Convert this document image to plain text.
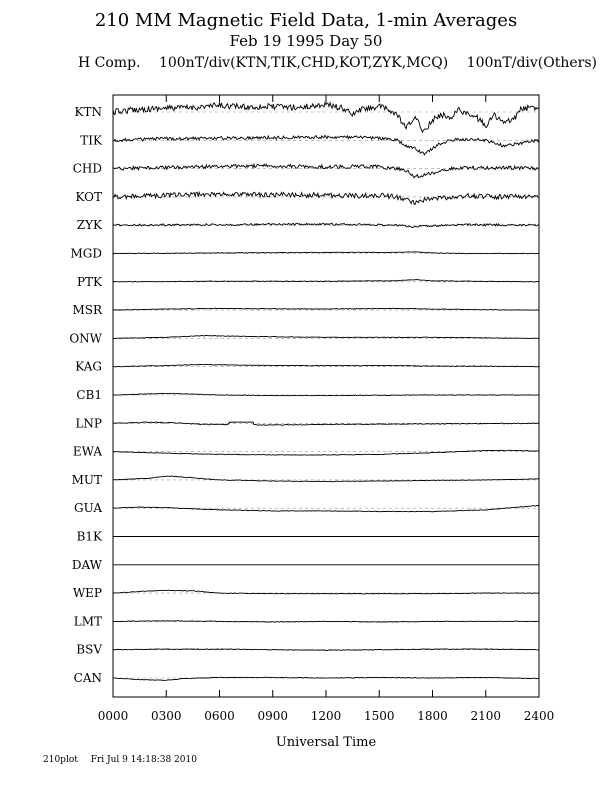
210 MM Magnetic Field Data, 1-min Averages
Feb 19 1995 Day 50
H Comp. 100nT/div(KTN,TIK,CHD,KOT,ZYK,MCQ) 100nT/div(Others)
KTN
TIK
CHD
KOT
ZYK
MGD
PTK
MSR
ONW
KAG
CB1
LNP
EWA
MUT
GUA
B1K
DAW
WEP
LMT
BSV
CAN
0000 0300 0600 0900 1200 1500 1800 2100 2400
Universal Time
210plot Fri Jul 9 14:18:38 2010
